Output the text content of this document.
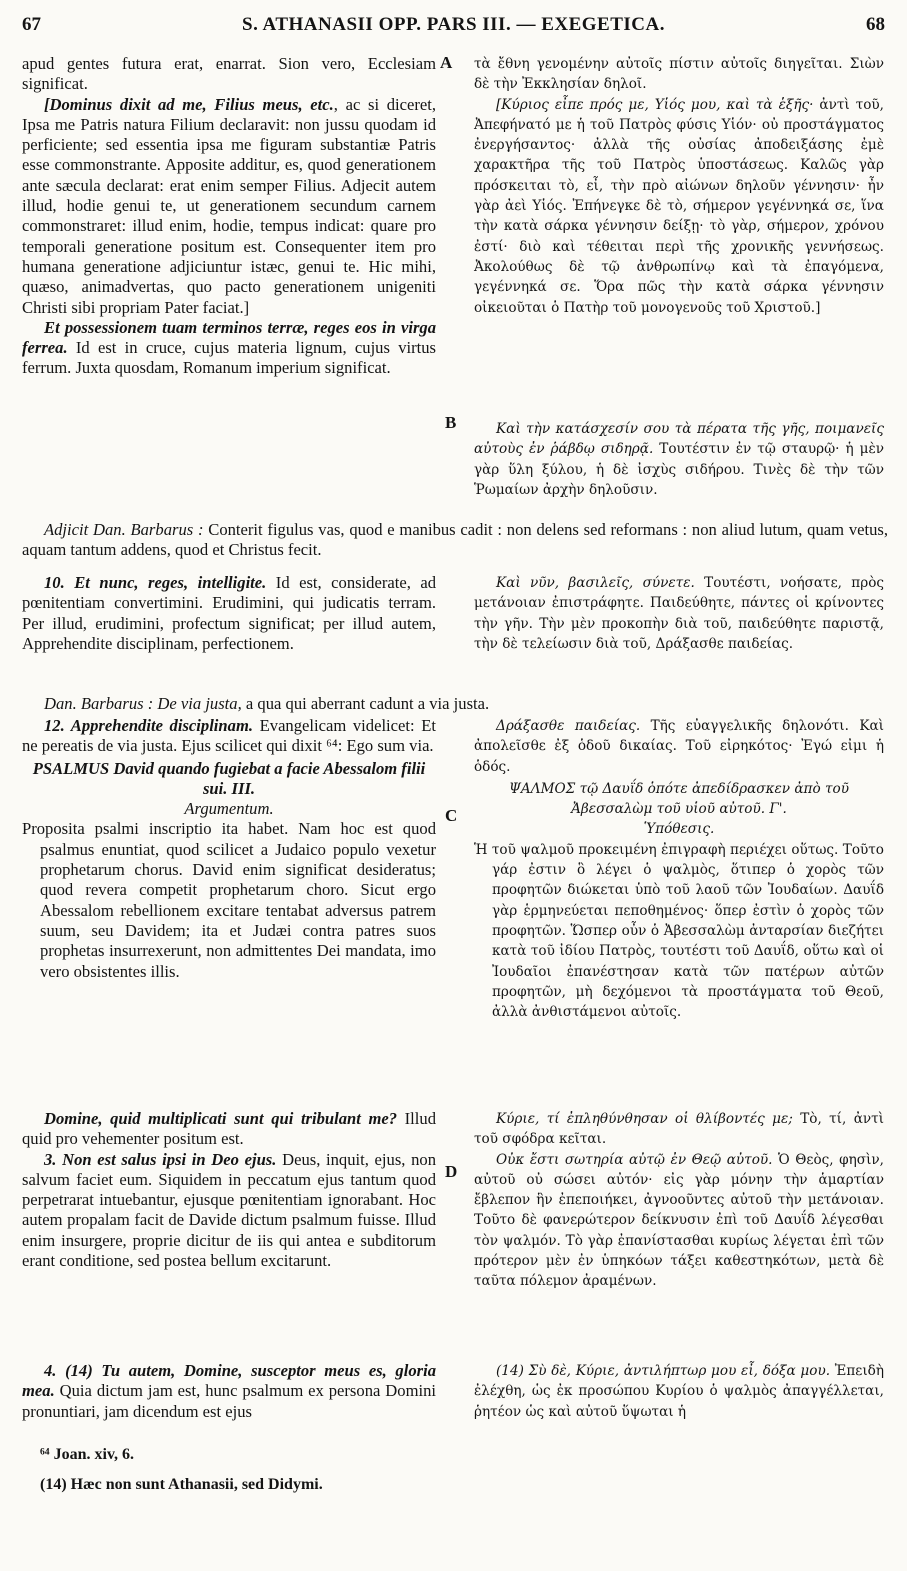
67	S. ATHANASII OPP. PARS III. — EXEGETICA.	68
A
B
C
D

apud gentes futura erat, enarrat. Sion vero, Ecclesiam significat.

[Dominus dixit ad me, Filius meus, etc., ac si diceret, Ipsa me Patris natura Filium declaravit: non jussu quodam id perficiente; sed essentia ipsa me figuram substantiæ Patris esse commonstrante. Apposite additur, es, quod generationem ante sæcula declarat: erat enim semper Filius. Adjecit autem illud, hodie genui te, ut generationem secundum carnem commonstraret: illud enim, hodie, tempus indicat: quare pro temporali generatione positum est. Consequenter item pro humana generatione adjiciuntur istæc, genui te. Hic mihi, quæso, animadvertas, quo pacto generationem unigeniti Christi sibi propriam Pater faciat.]

Et possessionem tuam terminos terræ, reges eos in virga ferrea. Id est in cruce, cujus materia lignum, cujus virtus ferrum. Juxta quosdam, Romanum imperium significat.

Adjicit Dan. Barbarus : Conterit figulus vas, quod e manibus cadit : non delens sed reformans : non aliud lutum, quam vetus, aquam tantum addens, quod et Christus fecit.

10. Et nunc, reges, intelligite. Id est, considerate, ad pœnitentiam convertimini. Erudimini, qui judicatis terram. Per illud, erudimini, profectum significat; per illud autem, Apprehendite disciplinam, perfectionem.

Dan. Barbarus : De via justa, a qua qui aberrant cadunt a via justa.

12. Apprehendite disciplinam. Evangelicam videlicet: Et ne pereatis de via justa. Ejus scilicet qui dixit ⁶⁴: Ego sum via.

PSALMUS David quando fugiebat a facie Abessalom filii sui. III.

Argumentum.

Proposita psalmi inscriptio ita habet. Nam hoc est quod psalmus enuntiat, quod scilicet a Judaico populo vexetur prophetarum chorus. David enim significat desideratus; quod revera competit prophetarum choro. Sicut ergo Abessalom rebellionem excitare tentabat adversus patrem suum, seu Davidem; ita et Judæi contra patres suos prophetas insurrexerunt, non admittentes Dei mandata, imo vero obsistentes illis.

Domine, quid multiplicati sunt qui tribulant me? Illud quid pro vehementer positum est.

3. Non est salus ipsi in Deo ejus. Deus, inquit, ejus, non salvum faciet eum. Siquidem in peccatum ejus tantum quod perpetrarat intuebantur, ejusque pœnitentiam ignorabant. Hoc autem propalam facit de Davide dictum psalmum fuisse. Illud enim insurgere, proprie dicitur de iis qui antea e subditorum erant conditione, sed postea bellum excitarunt.

4. (14) Tu autem, Domine, susceptor meus es, gloria mea. Quia dictum jam est, hunc psalmum ex persona Domini pronuntiari, jam dicendum est ejus

τὰ ἔθνη γενομένην αὐτοῖς πίστιν αὐτοῖς διηγεῖται. Σιὼν δὲ τὴν Ἐκκλησίαν δηλοῖ.

[Κύριος εἶπε πρός με, Υἱός μου, καὶ τὰ ἑξῆς· ἀντὶ τοῦ, Ἀπεφήνατό με ἡ τοῦ Πατρὸς φύσις Υἱόν· οὐ προστάγματος ἐνεργήσαντος· ἀλλὰ τῆς οὐσίας ἀποδειξάσης ἐμὲ χαρακτῆρα τῆς τοῦ Πατρὸς ὑποστάσεως. Καλῶς γὰρ πρόσκειται τὸ, εἶ, τὴν πρὸ αἰώνων δηλοῦν γέννησιν· ἦν γὰρ ἀεὶ Υἱός. Ἐπήνεγκε δὲ τὸ, σήμερον γεγέννηκά σε, ἵνα τὴν κατὰ σάρκα γέννησιν δείξῃ· τὸ γὰρ, σήμερον, χρόνου ἐστί· διὸ καὶ τέθειται περὶ τῆς χρονικῆς γεννήσεως. Ἀκολούθως δὲ τῷ ἀνθρωπίνῳ καὶ τὰ ἐπαγόμενα, γεγέννηκά σε. Ὅρα πῶς τὴν κατὰ σάρκα γέννησιν οἰκειοῦται ὁ Πατὴρ τοῦ μονογενοῦς τοῦ Χριστοῦ.]

Καὶ τὴν κατάσχεσίν σου τὰ πέρατα τῆς γῆς, ποιμανεῖς αὐτοὺς ἐν ῥάβδῳ σιδηρᾷ. Τουτέστιν ἐν τῷ σταυρῷ· ἡ μὲν γὰρ ὕλη ξύλου, ἡ δὲ ἰσχὺς σιδήρου. Τινὲς δὲ τὴν τῶν Ῥωμαίων ἀρχὴν δηλοῦσιν.

Καὶ νῦν, βασιλεῖς, σύνετε. Τουτέστι, νοήσατε, πρὸς μετάνοιαν ἐπιστράφητε. Παιδεύθητε, πάντες οἱ κρίνοντες τὴν γῆν. Τὴν μὲν προκοπὴν διὰ τοῦ, παιδεύθητε παριστᾷ, τὴν δὲ τελείωσιν διὰ τοῦ, Δράξασθε παιδείας.

Δράξασθε παιδείας. Τῆς εὐαγγελικῆς δηλονότι. Καὶ ἀπολεῖσθε ἐξ ὁδοῦ δικαίας. Τοῦ εἰρηκότος· Ἐγώ εἰμι ἡ ὁδός.

ΨΑΛΜΟΣ τῷ Δαυΐδ ὁπότε ἀπεδίδρασκεν ἀπὸ τοῦ Ἀβεσσαλὼμ τοῦ υἱοῦ αὐτοῦ. Γ'.

Ὑπόθεσις.

Ἡ τοῦ ψαλμοῦ προκειμένη ἐπιγραφὴ περιέχει οὕτως. Τοῦτο γάρ ἐστιν ὃ λέγει ὁ ψαλμὸς, ὅτιπερ ὁ χορὸς τῶν προφητῶν διώκεται ὑπὸ τοῦ λαοῦ τῶν Ἰουδαίων. Δαυΐδ γὰρ ἑρμηνεύεται πεποθημένος· ὅπερ ἐστὶν ὁ χορὸς τῶν προφητῶν. Ὥσπερ οὖν ὁ Ἀβεσσαλὼμ ἀνταρσίαν διεζήτει κατὰ τοῦ ἰδίου Πατρὸς, τουτέστι τοῦ Δαυΐδ, οὕτω καὶ οἱ Ἰουδαῖοι ἐπανέστησαν κατὰ τῶν πατέρων αὐτῶν προφητῶν, μὴ δεχόμενοι τὰ προστάγματα τοῦ Θεοῦ, ἀλλὰ ἀνθιστάμενοι αὐτοῖς.

Κύριε, τί ἐπληθύνθησαν οἱ θλίβοντές με; Τὸ, τί, ἀντὶ τοῦ σφόδρα κεῖται.

Οὐκ ἔστι σωτηρία αὐτῷ ἐν Θεῷ αὐτοῦ. Ὁ Θεὸς, φησὶν, αὐτοῦ οὐ σώσει αὐτόν· εἰς γὰρ μόνην τὴν ἁμαρτίαν ἔβλεπον ἣν ἐπεποιήκει, ἀγνοοῦντες αὐτοῦ τὴν μετάνοιαν. Τοῦτο δὲ φανερώτερον δείκνυσιν ἐπὶ τοῦ Δαυΐδ λέγεσθαι τὸν ψαλμόν. Τὸ γὰρ ἐπανίστασθαι κυρίως λέγεται ἐπὶ τῶν πρότερον μὲν ἐν ὑπηκόων τάξει καθεστηκότων, μετὰ δὲ ταῦτα πόλεμον ἀραμένων.

(14) Σὺ δὲ, Κύριε, ἀντιλήπτωρ μου εἶ, δόξα μου. Ἐπειδὴ ἐλέχθη, ὡς ἐκ προσώπου Κυρίου ὁ ψαλμὸς ἀπαγγέλλεται, ῥητέον ὡς καὶ αὐτοῦ ὕψωται ἡ

⁶⁴ Joan. xiv, 6.
(14) Hæc non sunt Athanasii, sed Didymi.
